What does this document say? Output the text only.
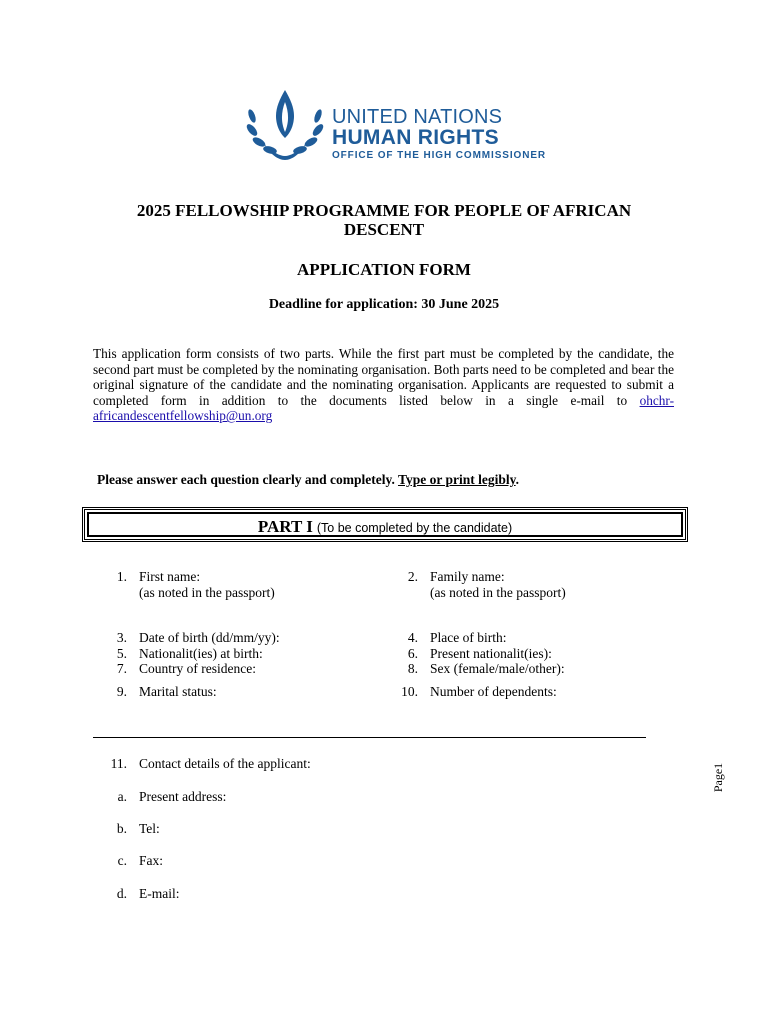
UNITED NATIONS
HUMAN RIGHTS
OFFICE OF THE HIGH COMMISSIONER
2025 FELLOWSHIP PROGRAMME FOR PEOPLE OF AFRICAN DESCENT
APPLICATION FORM
Deadline for application: 30 June 2025
This application form consists of two parts. While the first part must be completed by the candidate, the second part must be completed by the nominating organisation. Both parts need to be completed and bear the original signature of the candidate and the nominating organisation. Applicants are requested to submit a completed form in addition to the documents listed below in a single e-mail to ohchr-africandescentfellowship@un.org
Please answer each question clearly and completely. Type or print legibly.
PART I (To be completed by the candidate)
1. First name:
(as noted in the passport)
3. Date of birth (dd/mm/yy):
5. Nationalit(ies) at birth:
7. Country of residence:
9. Marital status:
2. Family name:
(as noted in the passport)
4. Place of birth:
6. Present nationalit(ies):
8. Sex (female/male/other):
10. Number of dependents:
11. Contact details of the applicant:
a. Present address:
b. Tel:
c. Fax:
d. E-mail:
Page1
